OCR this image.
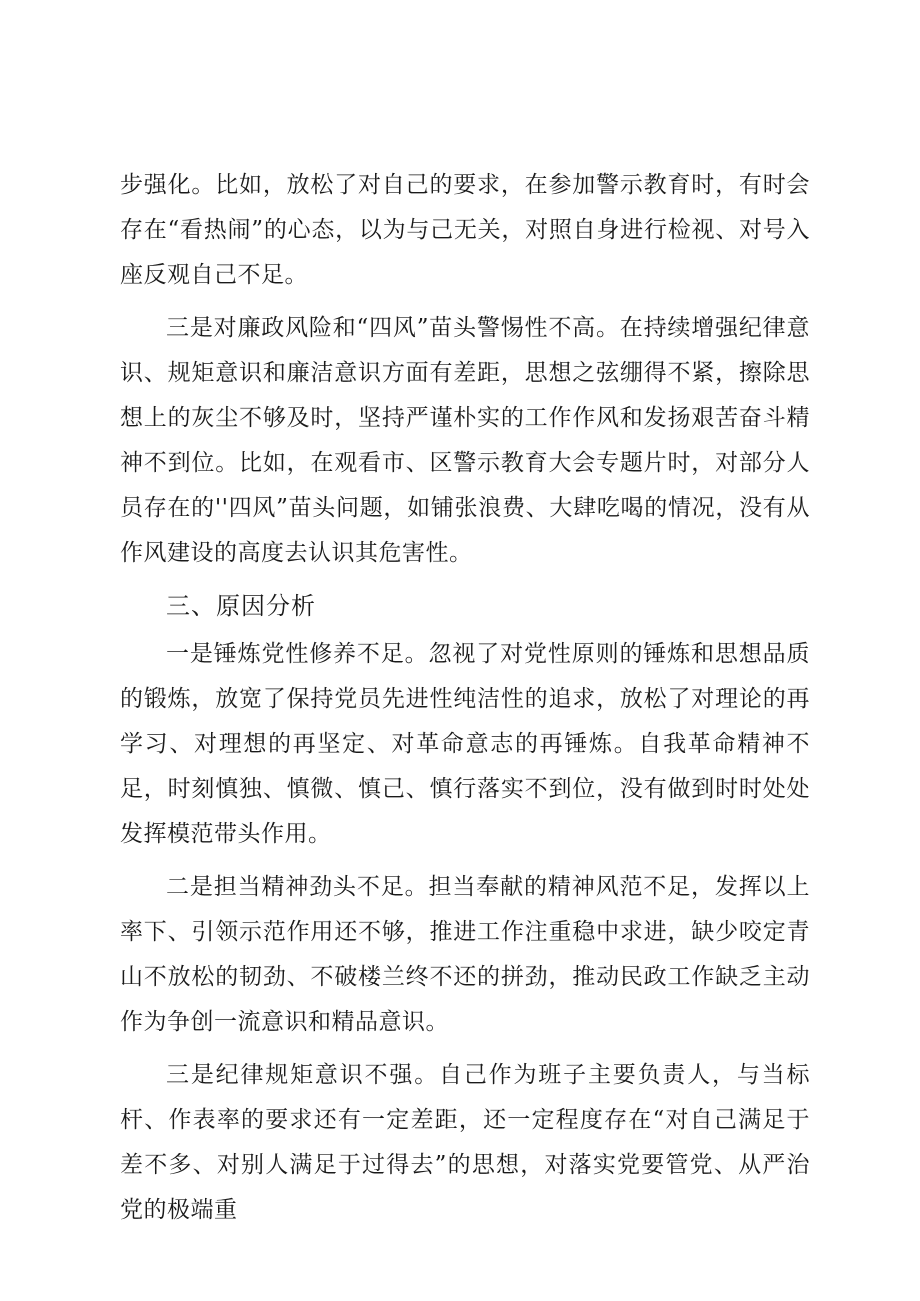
步强化。比如，放松了对自己的要求，在参加警示教育时，有时会存在“看热闹”的心态，以为与己无关，对照自身进行检视、对号入座反观自己不足。

三是对廉政风险和“四风”苗头警惕性不高。在持续增强纪律意识、规矩意识和廉洁意识方面有差距，思想之弦绷得不紧，擦除思想上的灰尘不够及时，坚持严谨朴实的工作作风和发扬艰苦奋斗精神不到位。比如，在观看市、区警示教育大会专题片时，对部分人员存在的''四风”苗头问题，如铺张浪费、大肆吃喝的情况，没有从作风建设的高度去认识其危害性。

三、原因分析

一是锤炼党性修养不足。忽视了对党性原则的锤炼和思想品质的锻炼，放宽了保持党员先进性纯洁性的追求，放松了对理论的再学习、对理想的再坚定、对革命意志的再锤炼。自我革命精神不足，时刻慎独、慎微、慎己、慎行落实不到位，没有做到时时处处发挥模范带头作用。

二是担当精神劲头不足。担当奉献的精神风范不足，发挥以上率下、引领示范作用还不够，推进工作注重稳中求进，缺少咬定青山不放松的韧劲、不破楼兰终不还的拼劲，推动民政工作缺乏主动作为争创一流意识和精品意识。

三是纪律规矩意识不强。自己作为班子主要负责人，与当标杆、作表率的要求还有一定差距，还一定程度存在“对自己满足于差不多、对别人满足于过得去”的思想，对落实党要管党、从严治党的极端重
